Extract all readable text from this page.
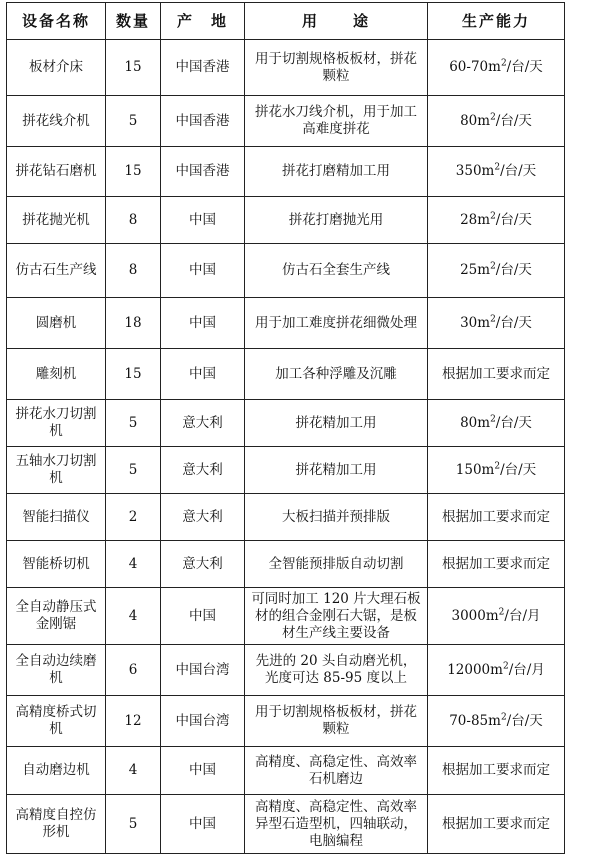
设备名称	数量	产　地	用　　途	生产能力
板材介床	15	中国香港	用于切割规格板板材，拼花颗粒	$60-70m^2/$台/天
拼花线介机	5	中国香港	拼花水刀线介机，用于加工高难度拼花	$80m^2/$台/天
拼花钻石磨机	15	中国香港	拼花打磨精加工用	$350m^2/$台/天
拼花抛光机	8	中国	拼花打磨抛光用	$28m^2/$台/天
仿古石生产线	8	中国	仿古石全套生产线	$25m^2/$台/天
圆磨机	18	中国	用于加工难度拼花细微处理	$30m^2/$台/天
雕刻机	15	中国	加工各种浮雕及沉雕	根据加工要求而定
拼花水刀切割机	5	意大利	拼花精加工用	$80m^2/$台/天
五轴水刀切割机	5	意大利	拼花精加工用	$150m^2/$台/天
智能扫描仪	2	意大利	大板扫描并预排版	根据加工要求而定
智能桥切机	4	意大利	全智能预排版自动切割	根据加工要求而定
全自动静压式金刚锯	4	中国	可同时加工 120 片大理石板材的组合金刚石大锯，是板材生产线主要设备	$3000m^2/$台/月
全自动边续磨机	6	中国台湾	先进的 20 头自动磨光机，光度可达 85-95 度以上	$12000m^2/$台/月
高精度桥式切机	12	中国台湾	用于切割规格板板材，拼花颗粒	$70-85m^2/$台/天
自动磨边机	4	中国	高精度、高稳定性、高效率石机磨边	根据加工要求而定
高精度自控仿形机	5	中国	高精度、高稳定性、高效率异型石造型机，四轴联动，电脑编程	根据加工要求而定
